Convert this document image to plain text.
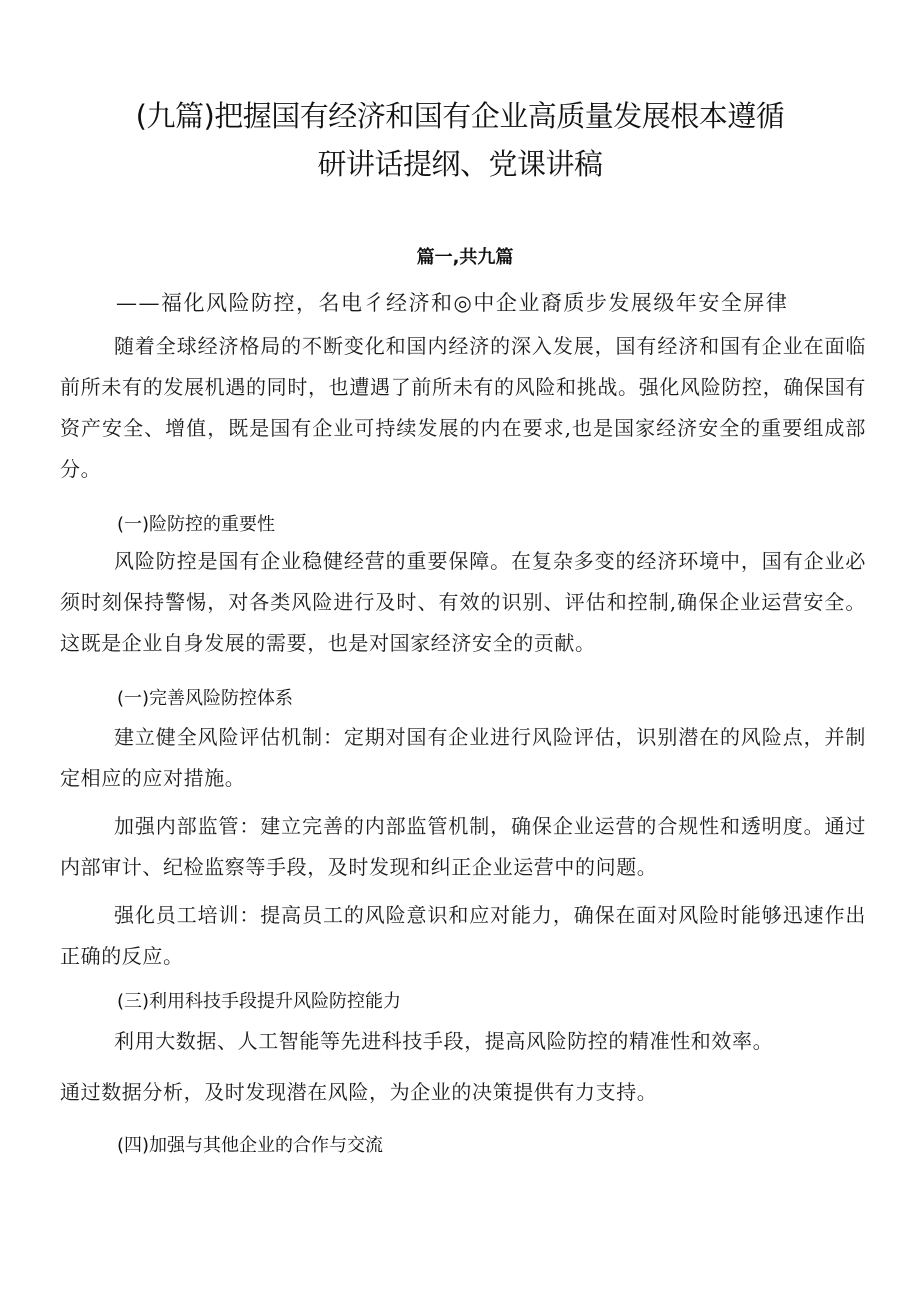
(九篇)把握国有经济和国有企业高质量发展根本遵循
研讲话提纲、党课讲稿
篇一,共九篇
——福化风险防控，名电彳经济和◎中企业裔质步发展级年安全屏律

随着全球经济格局的不断变化和国内经济的深入发展，国有经济和国有企业在面临前所未有的发展机遇的同时，也遭遇了前所未有的风险和挑战。强化风险防控，确保国有资产安全、增值，既是国有企业可持续发展的内在要求,也是国家经济安全的重要组成部分。

(一)险防控的重要性

风险防控是国有企业稳健经营的重要保障。在复杂多变的经济环境中，国有企业必须时刻保持警惕，对各类风险进行及时、有效的识别、评估和控制,确保企业运营安全。这既是企业自身发展的需要，也是对国家经济安全的贡献。

(一)完善风险防控体系

建立健全风险评估机制：定期对国有企业进行风险评估，识别潜在的风险点，并制定相应的应对措施。

加强内部监管：建立完善的内部监管机制，确保企业运营的合规性和透明度。通过内部审计、纪检监察等手段，及时发现和纠正企业运营中的问题。

强化员工培训：提高员工的风险意识和应对能力，确保在面对风险时能够迅速作出正确的反应。

(三)利用科技手段提升风险防控能力

利用大数据、人工智能等先进科技手段，提高风险防控的精准性和效率。

通过数据分析，及时发现潜在风险，为企业的决策提供有力支持。

(四)加强与其他企业的合作与交流
